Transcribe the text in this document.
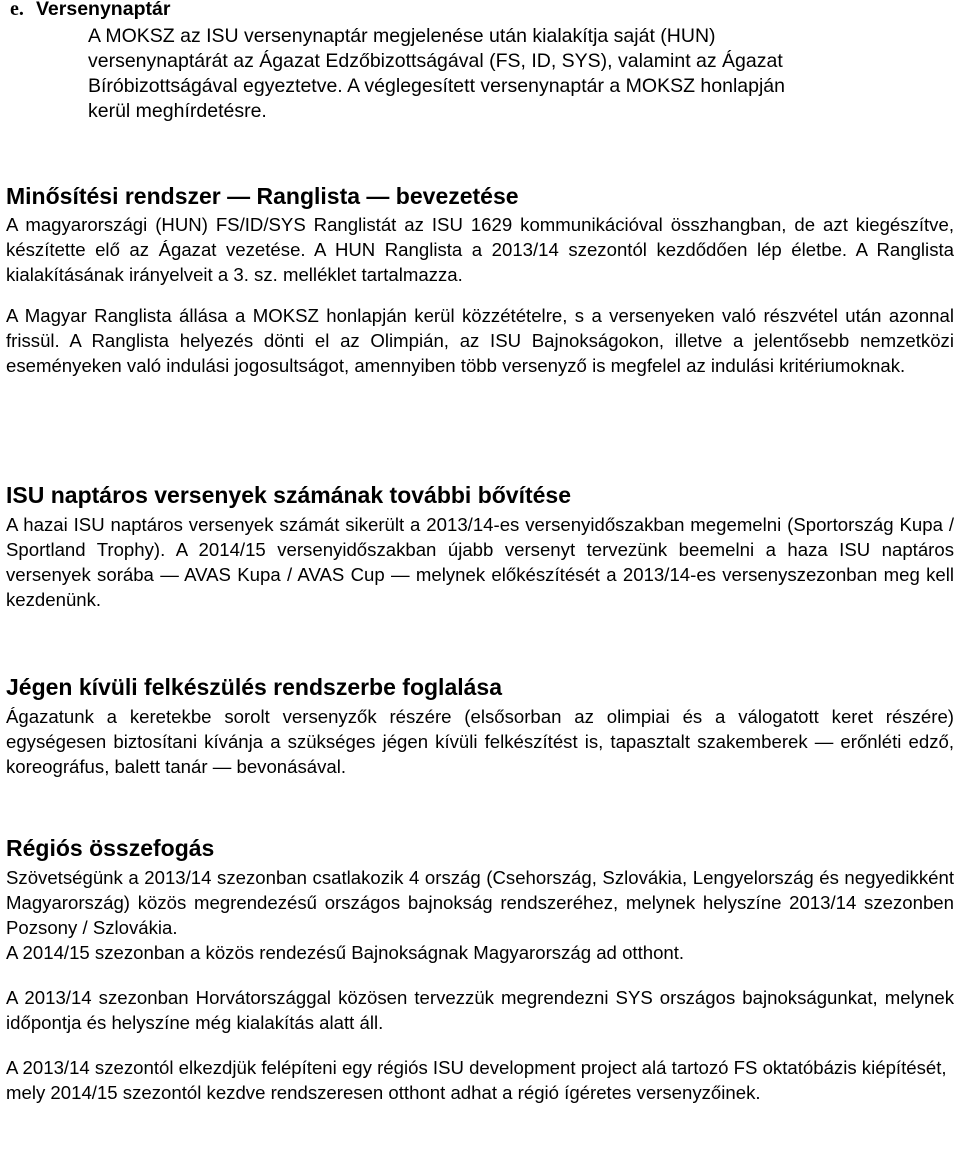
e. Versenynaptár
A MOKSZ az ISU versenynaptár megjelenése után kialakítja saját (HUN) versenynaptárát az Ágazat Edzőbizottságával (FS, ID, SYS), valamint az Ágazat Bíróbizottságával egyeztetve. A véglegesített versenynaptár a MOKSZ honlapján kerül meghírdetésre.
Minősítési rendszer — Ranglista — bevezetése
A magyarországi (HUN) FS/ID/SYS Ranglistát az ISU 1629 kommunikációval összhangban, de azt kiegészítve, készítette elő az Ágazat vezetése. A HUN Ranglista a 2013/14 szezontól kezdődően lép életbe. A Ranglista kialakításának irányelveit a 3. sz. melléklet tartalmazza.
A Magyar Ranglista állása a MOKSZ honlapján kerül közzétételre, s a versenyeken való részvétel után azonnal frissül. A Ranglista helyezés dönti el az Olimpián, az ISU Bajnokságokon, illetve a jelentősebb nemzetközi eseményeken való indulási jogosultságot, amennyiben több versenyző is megfelel az indulási kritériumoknak.
ISU naptáros versenyek számának további bővítése
A hazai ISU naptáros versenyek számát sikerült a 2013/14-es versenyidőszakban megemelni (Sportország Kupa / Sportland Trophy). A 2014/15 versenyidőszakban újabb versenyt tervezünk beemelni a haza ISU naptáros versenyek sorába — AVAS Kupa / AVAS Cup — melynek előkészítését a 2013/14-es versenyszezonban meg kell kezdenünk.
Jégen kívüli felkészülés rendszerbe foglalása
Ágazatunk a keretekbe sorolt versenyzők részére (elsősorban az olimpiai és a válogatott keret részére) egységesen biztosítani kívánja a szükséges jégen kívüli felkészítést is, tapasztalt szakemberek — erőnléti edző, koreográfus, balett tanár — bevonásával.
Régiós összefogás
Szövetségünk a 2013/14 szezonban csatlakozik 4 ország (Csehország, Szlovákia, Lengyelország és negyedikként Magyarország) közös megrendezésű országos bajnokság rendszeréhez, melynek helyszíne 2013/14 szezonben Pozsony / Szlovákia.
A 2014/15 szezonban a közös rendezésű Bajnokságnak Magyarország ad otthont.
A 2013/14 szezonban Horvátországgal közösen tervezzük megrendezni SYS országos bajnokságunkat, melynek időpontja és helyszíne még kialakítás alatt áll.
A 2013/14 szezontól elkezdjük felépíteni egy régiós ISU development project alá tartozó FS oktatóbázis kiépítését, mely 2014/15 szezontól kezdve rendszeresen otthont adhat a régió ígéretes versenyzőinek.
